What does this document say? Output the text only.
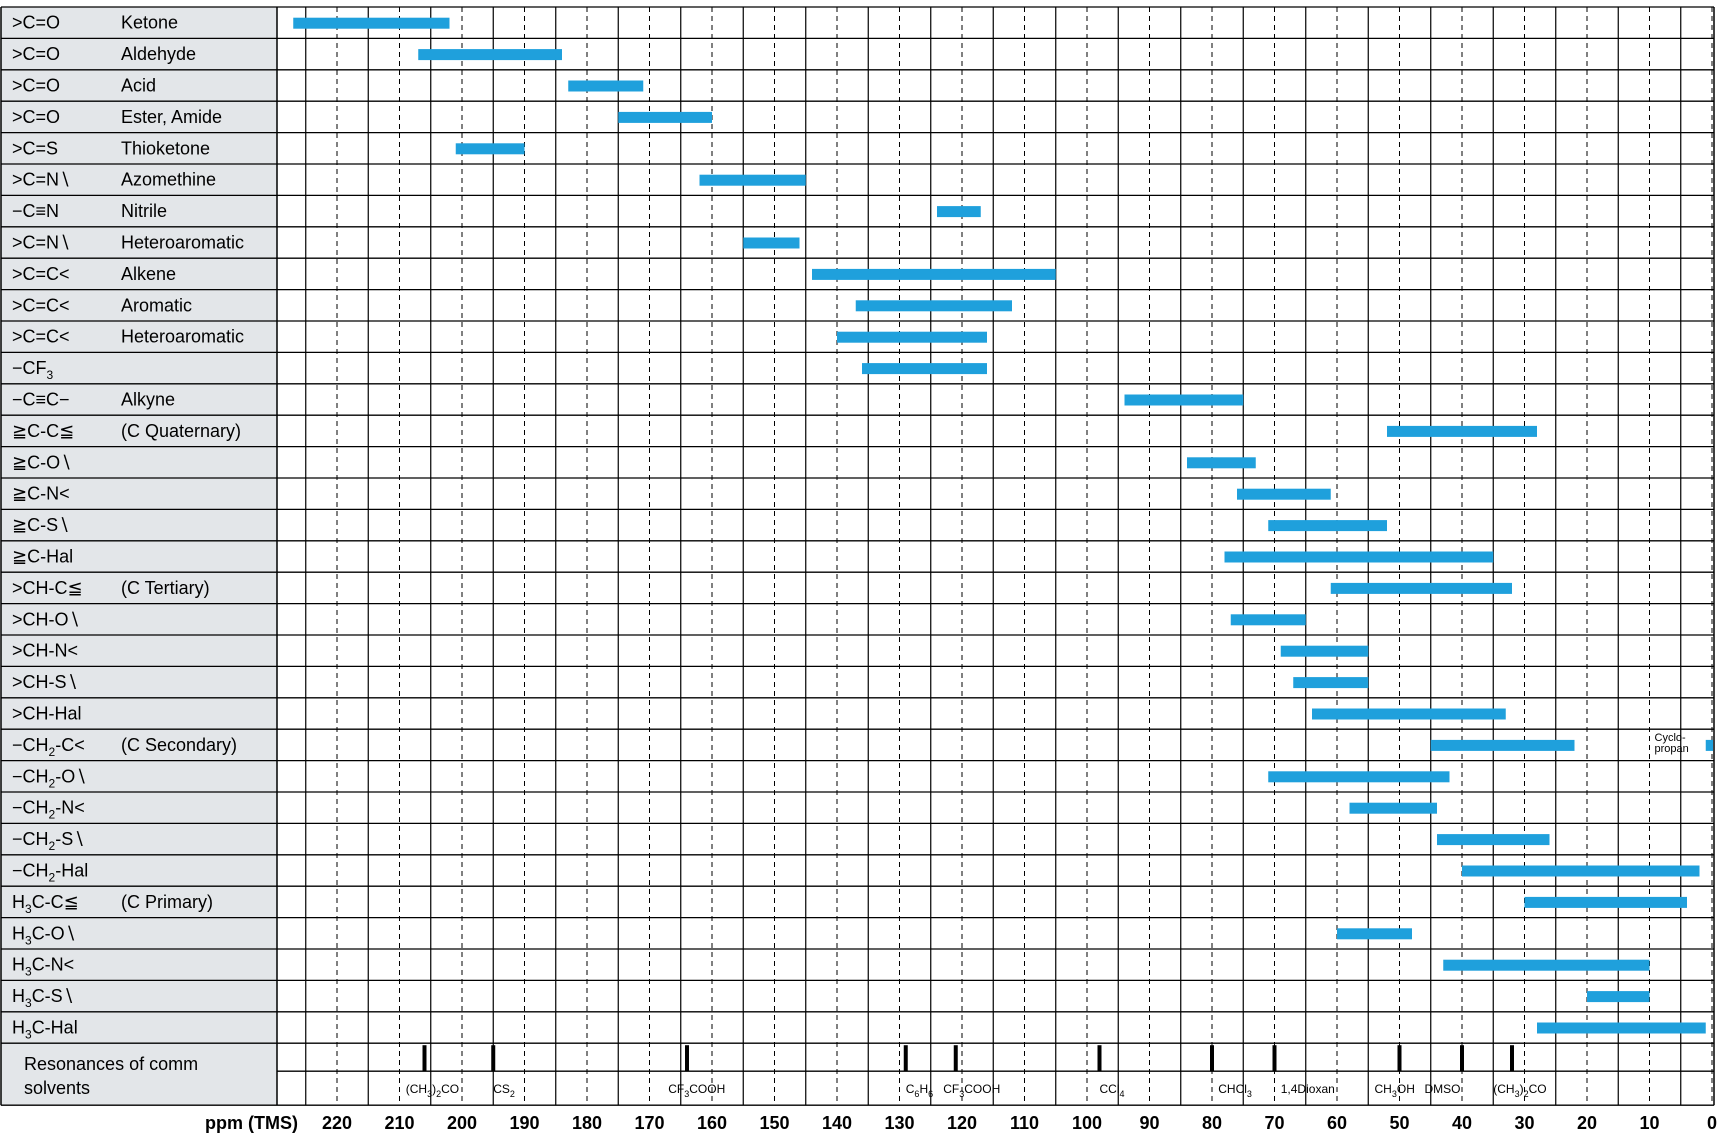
>C=O	Ketone
>C=O	Aldehyde
>C=O	Acid
>C=O	Ester, Amide
>C=S	Thioketone
>C=N∖	Azomethine
−C≡N	Nitrile
>C=N∖	Heteroaromatic
>C=C<	Alkene
>C=C<	Aromatic
>C=C<	Heteroaromatic
$-CF_3$
−C≡C−	Alkyne
≧C-C≦	(C Quaternary)
≧C-O∖
≧C-N<
≧C-S∖
≧C-Hal
>CH-C≦ (C Tertiary)
>CH-O∖
>CH-N<
>CH-S∖
>CH-Hal
$-CH_2-C< (C$ Secondary)
$-CH_2-O∖$
$-CH_2-N<$
$-CH_2-S∖$
$-CH_2$-Hal
$H_3C-C≦$ (C Primary)
$H_3C-O∖$
$H_3C-N<$
$H_3C-S∖$
$H_3C$-Hal
Cyclo-
propan
Resonances of comm
solvents	$(CH_3)_2CO$	$CS_2$	$CF_3COOH$	$C_6H_6$ $CF_3COOH$	CCl$_4$	CHCl$_3$ 1,4Dioxan	$CH_3OH$ DMSO	$(CH_3)_2CO$
ppm (TMS) 220 210 200 190 180 170 160 150 140 130 120 110 100 90 80 70 60 50 40 30 20 10	0
